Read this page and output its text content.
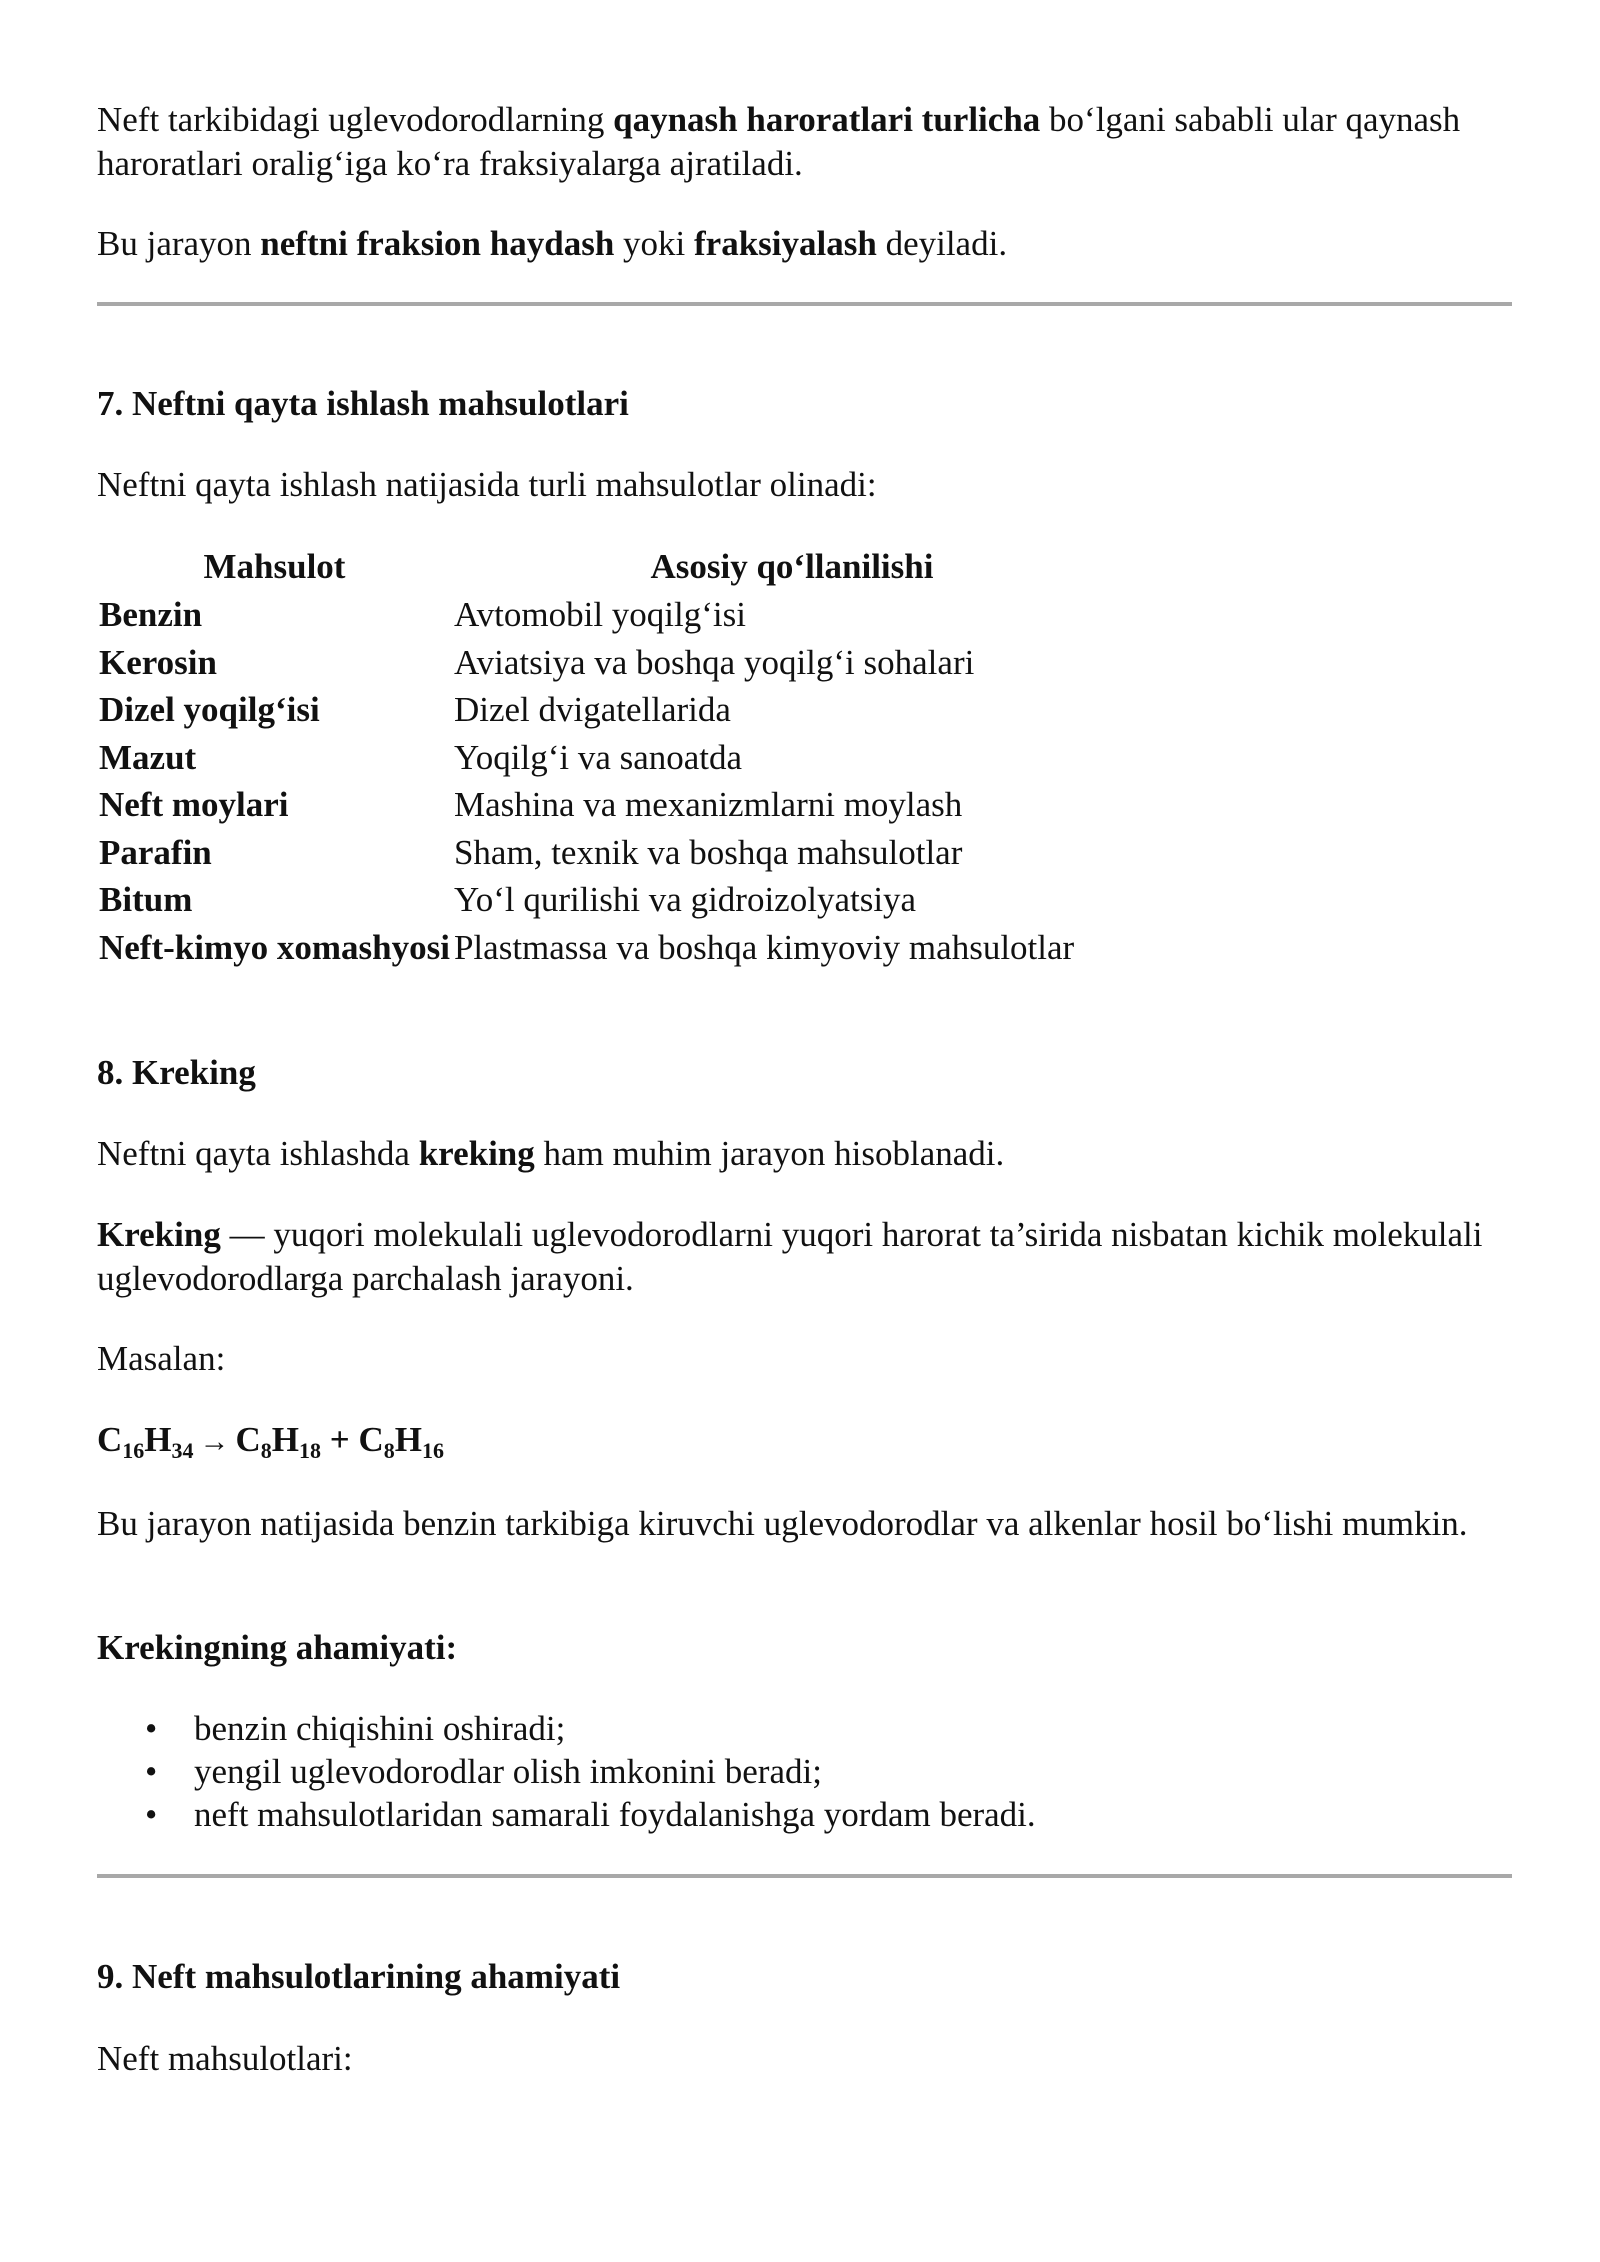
Neft tarkibidagi uglevodorodlarning qaynash haroratlari turlicha bo‘lgani sababli ular qaynash haroratlari oralig‘iga ko‘ra fraksiyalarga ajratiladi.

Bu jarayon neftni fraksion haydash yoki fraksiyalash deyiladi.

7. Neftni qayta ishlash mahsulotlari

Neftni qayta ishlash natijasida turli mahsulotlar olinadi:

Mahsulot	Asosiy qo‘llanilishi
Benzin	Avtomobil yoqilg‘isi
Kerosin	Aviatsiya va boshqa yoqilg‘i sohalari
Dizel yoqilg‘isi	Dizel dvigatellarida
Mazut	Yoqilg‘i va sanoatda
Neft moylari	Mashina va mexanizmlarni moylash
Parafin	Sham, texnik va boshqa mahsulotlar
Bitum	Yo‘l qurilishi va gidroizolyatsiya
Neft-kimyo xomashyosi	Plastmassa va boshqa kimyoviy mahsulotlar
8. Kreking

Neftni qayta ishlashda kreking ham muhim jarayon hisoblanadi.

Kreking — yuqori molekulali uglevodorodlarni yuqori harorat ta’sirida nisbatan kichik molekulali uglevodorodlarga parchalash jarayoni.

Masalan:

$C_{16}H_{34} \to C_8H_{18} + C_8H_{16}$

Bu jarayon natijasida benzin tarkibiga kiruvchi uglevodorodlar va alkenlar hosil bo‘lishi mumkin.

Krekingning ahamiyati:

• benzin chiqishini oshiradi;
• yengil uglevodorodlar olish imkonini beradi;
• neft mahsulotlaridan samarali foydalanishga yordam beradi.
9. Neft mahsulotlarining ahamiyati

Neft mahsulotlari:
